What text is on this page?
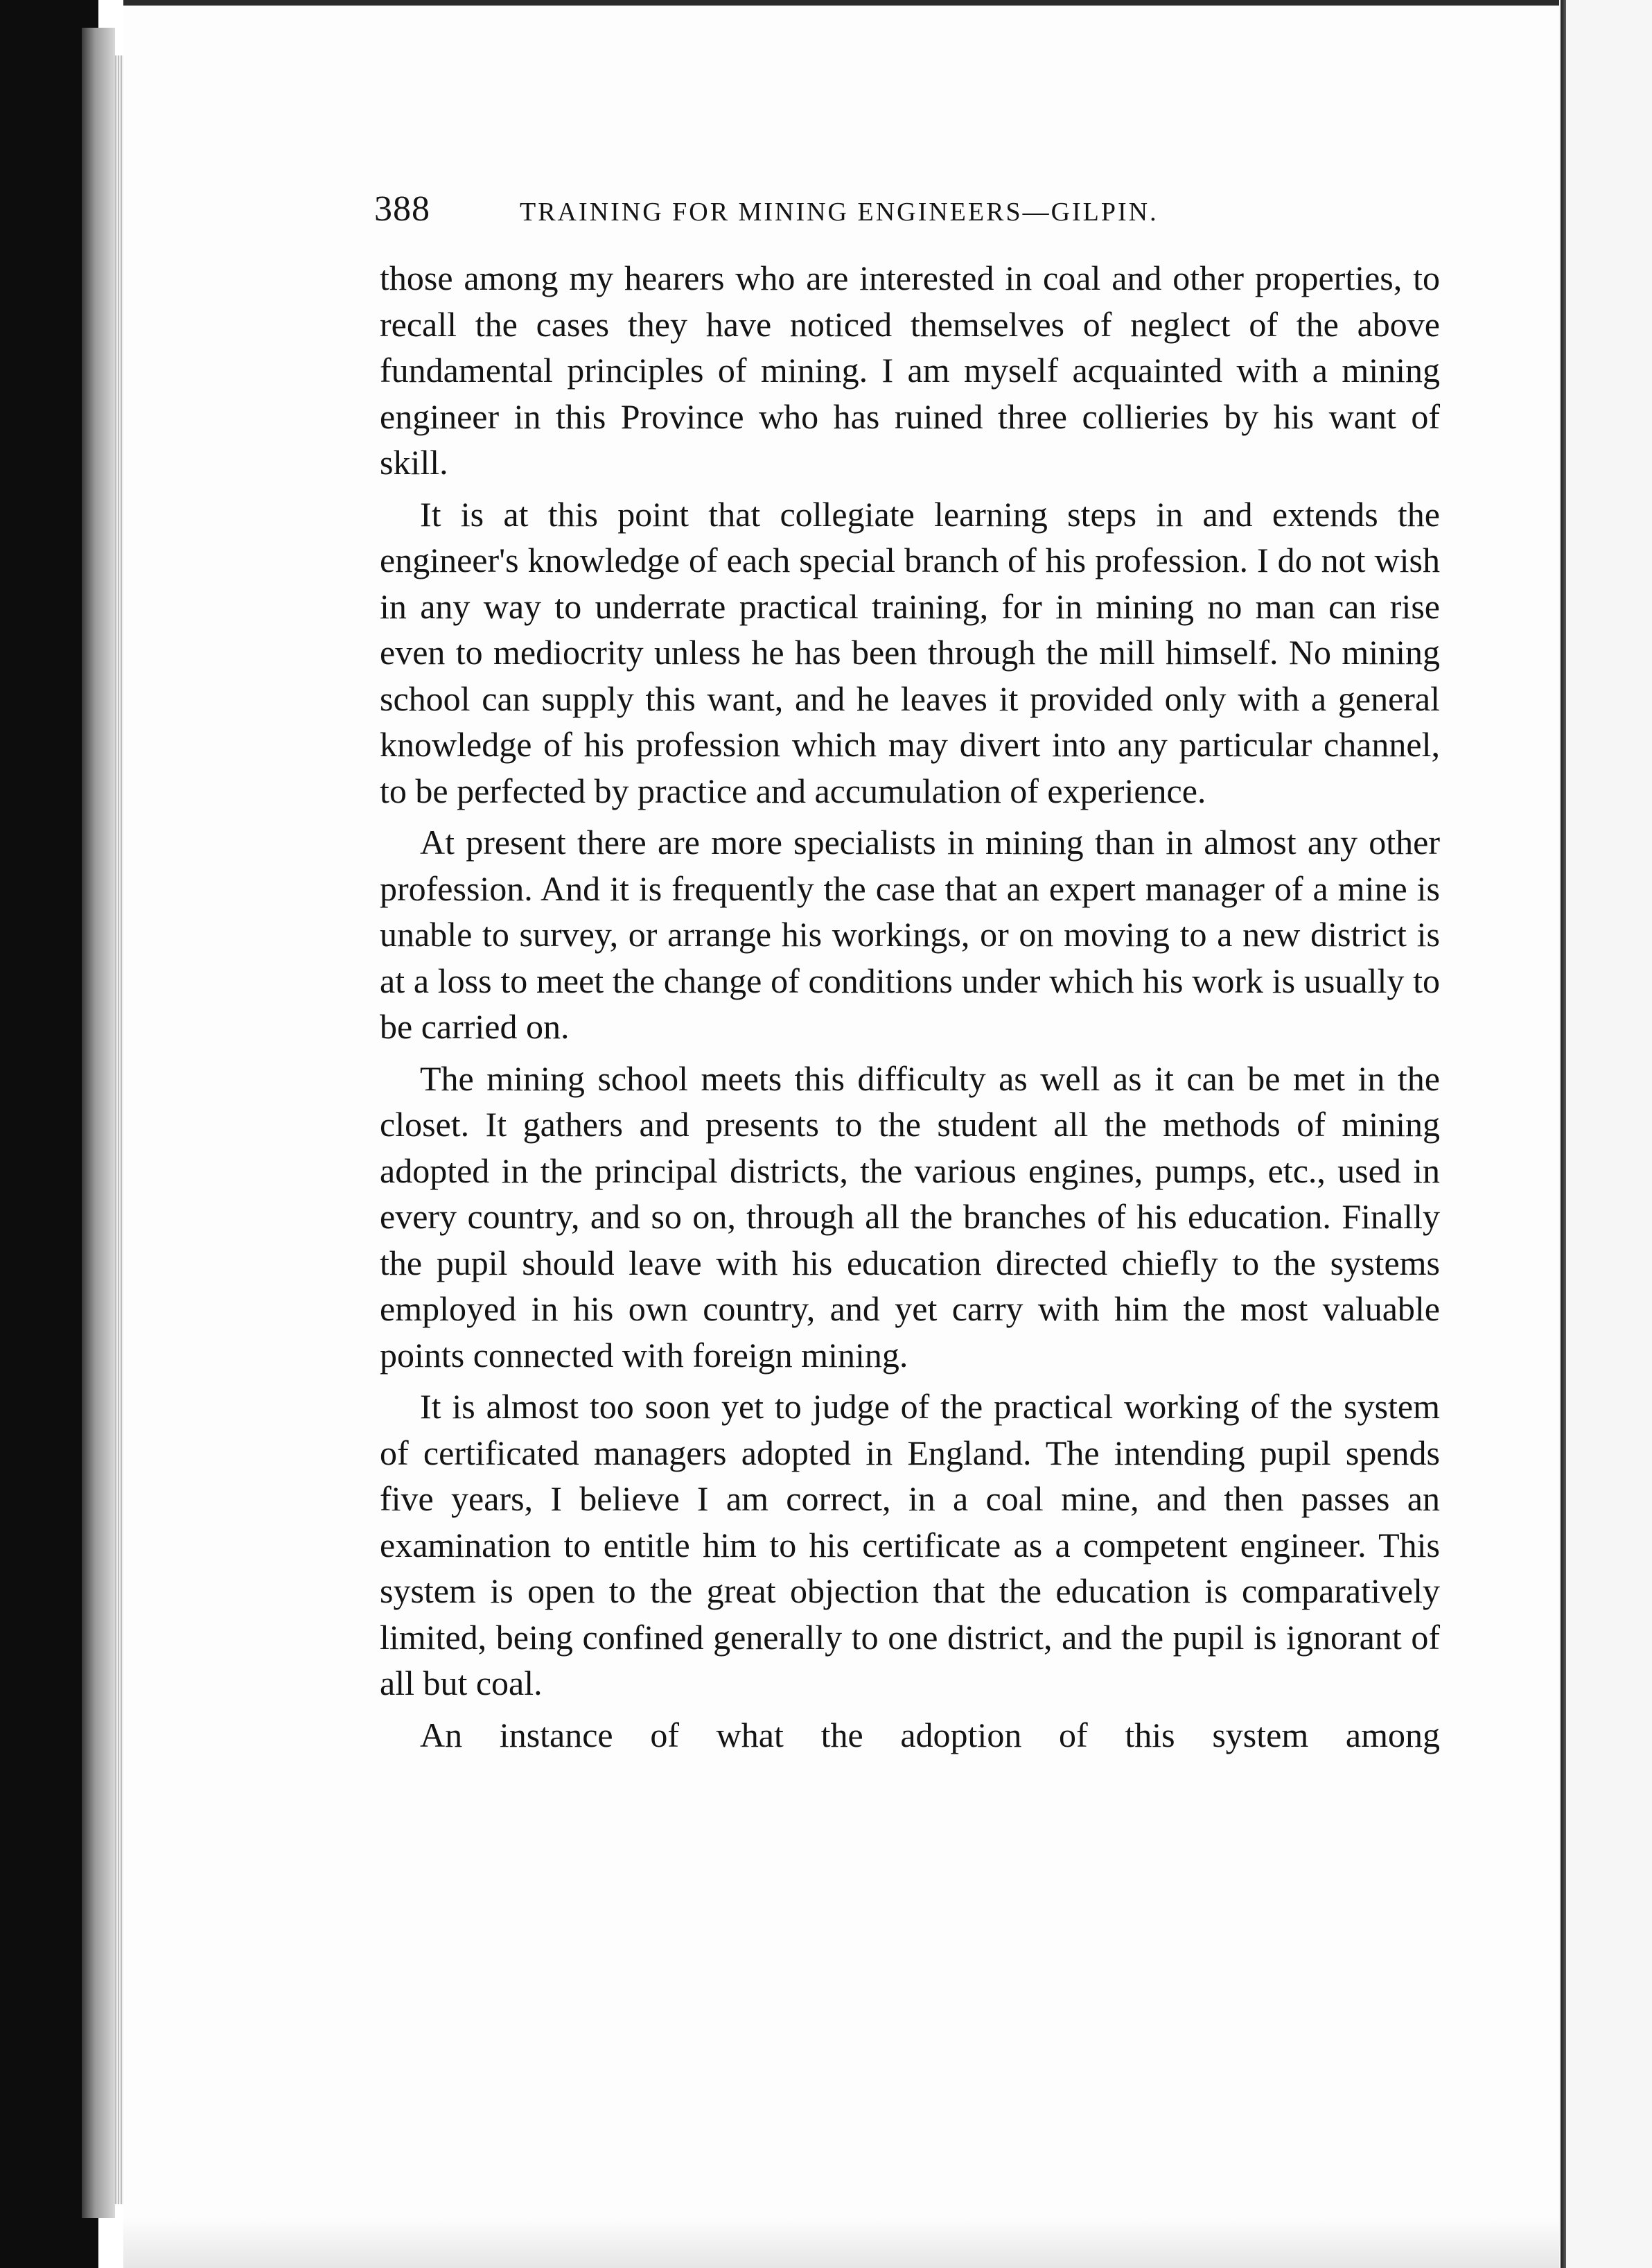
388	TRAINING FOR MINING ENGINEERS—GILPIN.

those among my hearers who are interested in coal and other properties, to recall the cases they have noticed themselves of neglect of the above fundamental principles of mining. I am myself acquainted with a mining engineer in this Province who has ruined three collieries by his want of skill.

It is at this point that collegiate learning steps in and extends the engineer's knowledge of each special branch of his profession. I do not wish in any way to underrate practical training, for in mining no man can rise even to mediocrity unless he has been through the mill himself. No mining school can supply this want, and he leaves it provided only with a general knowledge of his profession which may divert into any particular channel, to be perfected by practice and accumulation of experience.

At present there are more specialists in mining than in almost any other profession. And it is frequently the case that an expert manager of a mine is unable to survey, or arrange his workings, or on moving to a new district is at a loss to meet the change of conditions under which his work is usually to be carried on.

The mining school meets this difficulty as well as it can be met in the closet. It gathers and presents to the student all the methods of mining adopted in the principal districts, the various engines, pumps, etc., used in every country, and so on, through all the branches of his education. Finally the pupil should leave with his education directed chiefly to the systems employed in his own country, and yet carry with him the most valuable points connected with foreign mining.

It is almost too soon yet to judge of the practical working of the system of certificated managers adopted in England. The intending pupil spends five years, I believe I am correct, in a coal mine, and then passes an examination to entitle him to his certificate as a competent engineer. This system is open to the great objection that the education is comparatively limited, being confined generally to one district, and the pupil is ignorant of all but coal.

An instance of what the adoption of this system among
